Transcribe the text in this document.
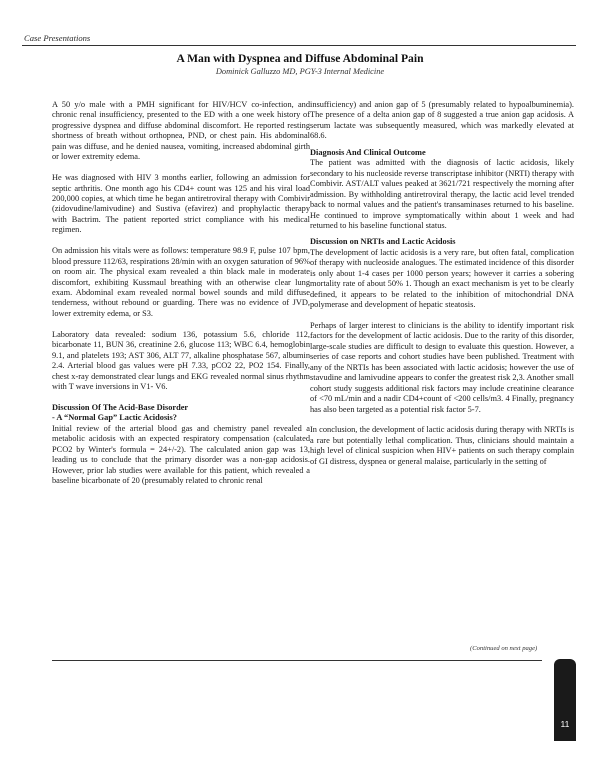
Case Presentations
A Man with Dyspnea and Diffuse Abdominal Pain
Dominick Galluzzo MD, PGY-3 Internal Medicine

A 50 y/o male with a PMH significant for HIV/HCV co-infection, and chronic renal insufficiency, presented to the ED with a one week history of progressive dyspnea and diffuse abdominal discomfort. He reported resting shortness of breath without orthopnea, PND, or chest pain. His abdominal pain was diffuse, and he denied nausea, vomiting, increased abdominal girth or lower extremity edema.

He was diagnosed with HIV 3 months earlier, following an admission for septic arthritis. One month ago his CD4+ count was 125 and his viral load 200,000 copies, at which time he began antiretroviral therapy with Combivir (zidovudine/lamivudine) and Sustiva (efavirez) and prophylactic therapy with Bactrim. The patient reported strict compliance with his medical regimen.

On admission his vitals were as follows: temperature 98.9 F, pulse 107 bpm, blood pressure 112/63, respirations 28/min with an oxygen saturation of 96% on room air. The physical exam revealed a thin black male in moderate discomfort, exhibiting Kussmaul breathing with an otherwise clear lung exam. Abdominal exam revealed normal bowel sounds and mild diffuse tenderness, without rebound or guarding. There was no evidence of JVD, lower extremity edema, or S3.

Laboratory data revealed: sodium 136, potassium 5.6, chloride 112, bicarbonate 11, BUN 36, creatinine 2.6, glucose 113; WBC 6.4, hemoglobin 9.1, and platelets 193; AST 306, ALT 77, alkaline phosphatase 567, albumin 2.4. Arterial blood gas values were pH 7.33, pCO2 22, PO2 154. Finally, chest x-ray demonstrated clear lungs and EKG revealed normal sinus rhythm with T wave inversions in V1- V6.

Discussion Of The Acid-Base Disorder
- A “Normal Gap” Lactic Acidosis?

Initial review of the arterial blood gas and chemistry panel revealed a metabolic acidosis with an expected respiratory compensation (calculated PCO2 by Winter's formula = 24+/-2). The calculated anion gap was 13, leading us to conclude that the primary disorder was a non-gap acidosis. However, prior lab studies were available for this patient, which revealed a baseline bicarbonate of 20 (presumably related to chronic renal

insufficiency) and anion gap of 5 (presumably related to hypoalbuminemia). The presence of a delta anion gap of 8 suggested a true anion gap acidosis. A serum lactate was subsequently measured, which was markedly elevated at 68.6.

Diagnosis And Clinical Outcome

The patient was admitted with the diagnosis of lactic acidosis, likely secondary to his nucleoside reverse transcriptase inhibitor (NRTI) therapy with Combivir. AST/ALT values peaked at 3621/721 respectively the morning after admission. By withholding antiretroviral therapy, the lactic acid level trended back to normal values and the patient's transaminases returned to his baseline. He continued to improve symptomatically within about 1 week and had returned to his baseline functional status.

Discussion on NRTIs and Lactic Acidosis

The development of lactic acidosis is a very rare, but often fatal, complication of therapy with nucleoside analogues. The estimated incidence of this disorder is only about 1-4 cases per 1000 person years; however it carries a sobering mortality rate of about 50% 1. Though an exact mechanism is yet to be clearly defined, it appears to be related to the inhibition of mitochondrial DNA polymerase and development of hepatic steatosis.

Perhaps of larger interest to clinicians is the ability to identify important risk factors for the development of lactic acidosis. Due to the rarity of this disorder, large-scale studies are difficult to design to evaluate this question. However, a series of case reports and cohort studies have been published. Treatment with any of the NRTIs has been associated with lactic acidosis; however the use of stavudine and lamivudine appears to confer the greatest risk 2,3. Another small cohort study suggests additional risk factors may include creatinine clearance of <70 mL/min and a nadir CD4+count of <200 cells/m3. 4 Finally, pregnancy has also been targeted as a potential risk factor 5-7.

In conclusion, the development of lactic acidosis during therapy with NRTIs is a rare but potentially lethal complication. Thus, clinicians should maintain a high level of clinical suspicion when HIV+ patients on such therapy complain of GI distress, dyspnea or general malaise, particularly in the setting of

(Continued on next page)
11
